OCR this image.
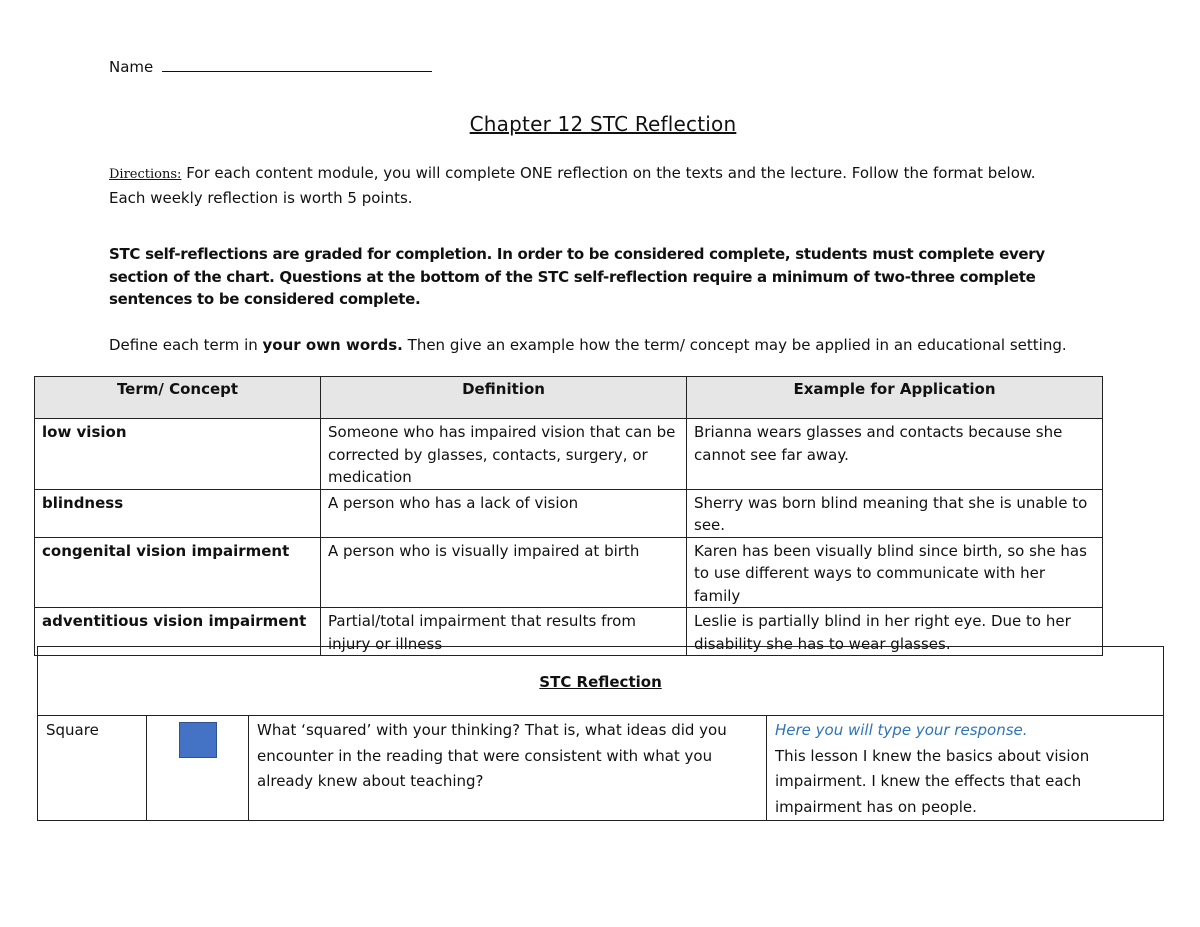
Name
Chapter 12 STC Reflection
Directions: For each content module, you will complete ONE reflection on the texts and the lecture. Follow the format below. Each weekly reflection is worth 5 points.
STC self-reflections are graded for completion. In order to be considered complete, students must complete every section of the chart. Questions at the bottom of the STC self-reflection require a minimum of two-three complete sentences to be considered complete.
Define each term in your own words. Then give an example how the term/ concept may be applied in an educational setting.
Term/ Concept	Definition	Example for Application
low vision	Someone who has impaired vision that can be corrected by glasses, contacts, surgery, or medication	Brianna wears glasses and contacts because she cannot see far away.
blindness	A person who has a lack of vision	Sherry was born blind meaning that she is unable to see.
congenital vision impairment	A person who is visually impaired at birth	Karen has been visually blind since birth, so she has to use different ways to communicate with her family
adventitious vision impairment	Partial/total impairment that results from injury or illness	Leslie is partially blind in her right eye. Due to her disability she has to wear glasses.
STC Reflection
Square		What ‘squared’ with your thinking? That is, what ideas did you encounter in the reading that were consistent with what you already knew about teaching?	
Here you will type your response.
This lesson I knew the basics about vision impairment. I knew the effects that each impairment has on people.
